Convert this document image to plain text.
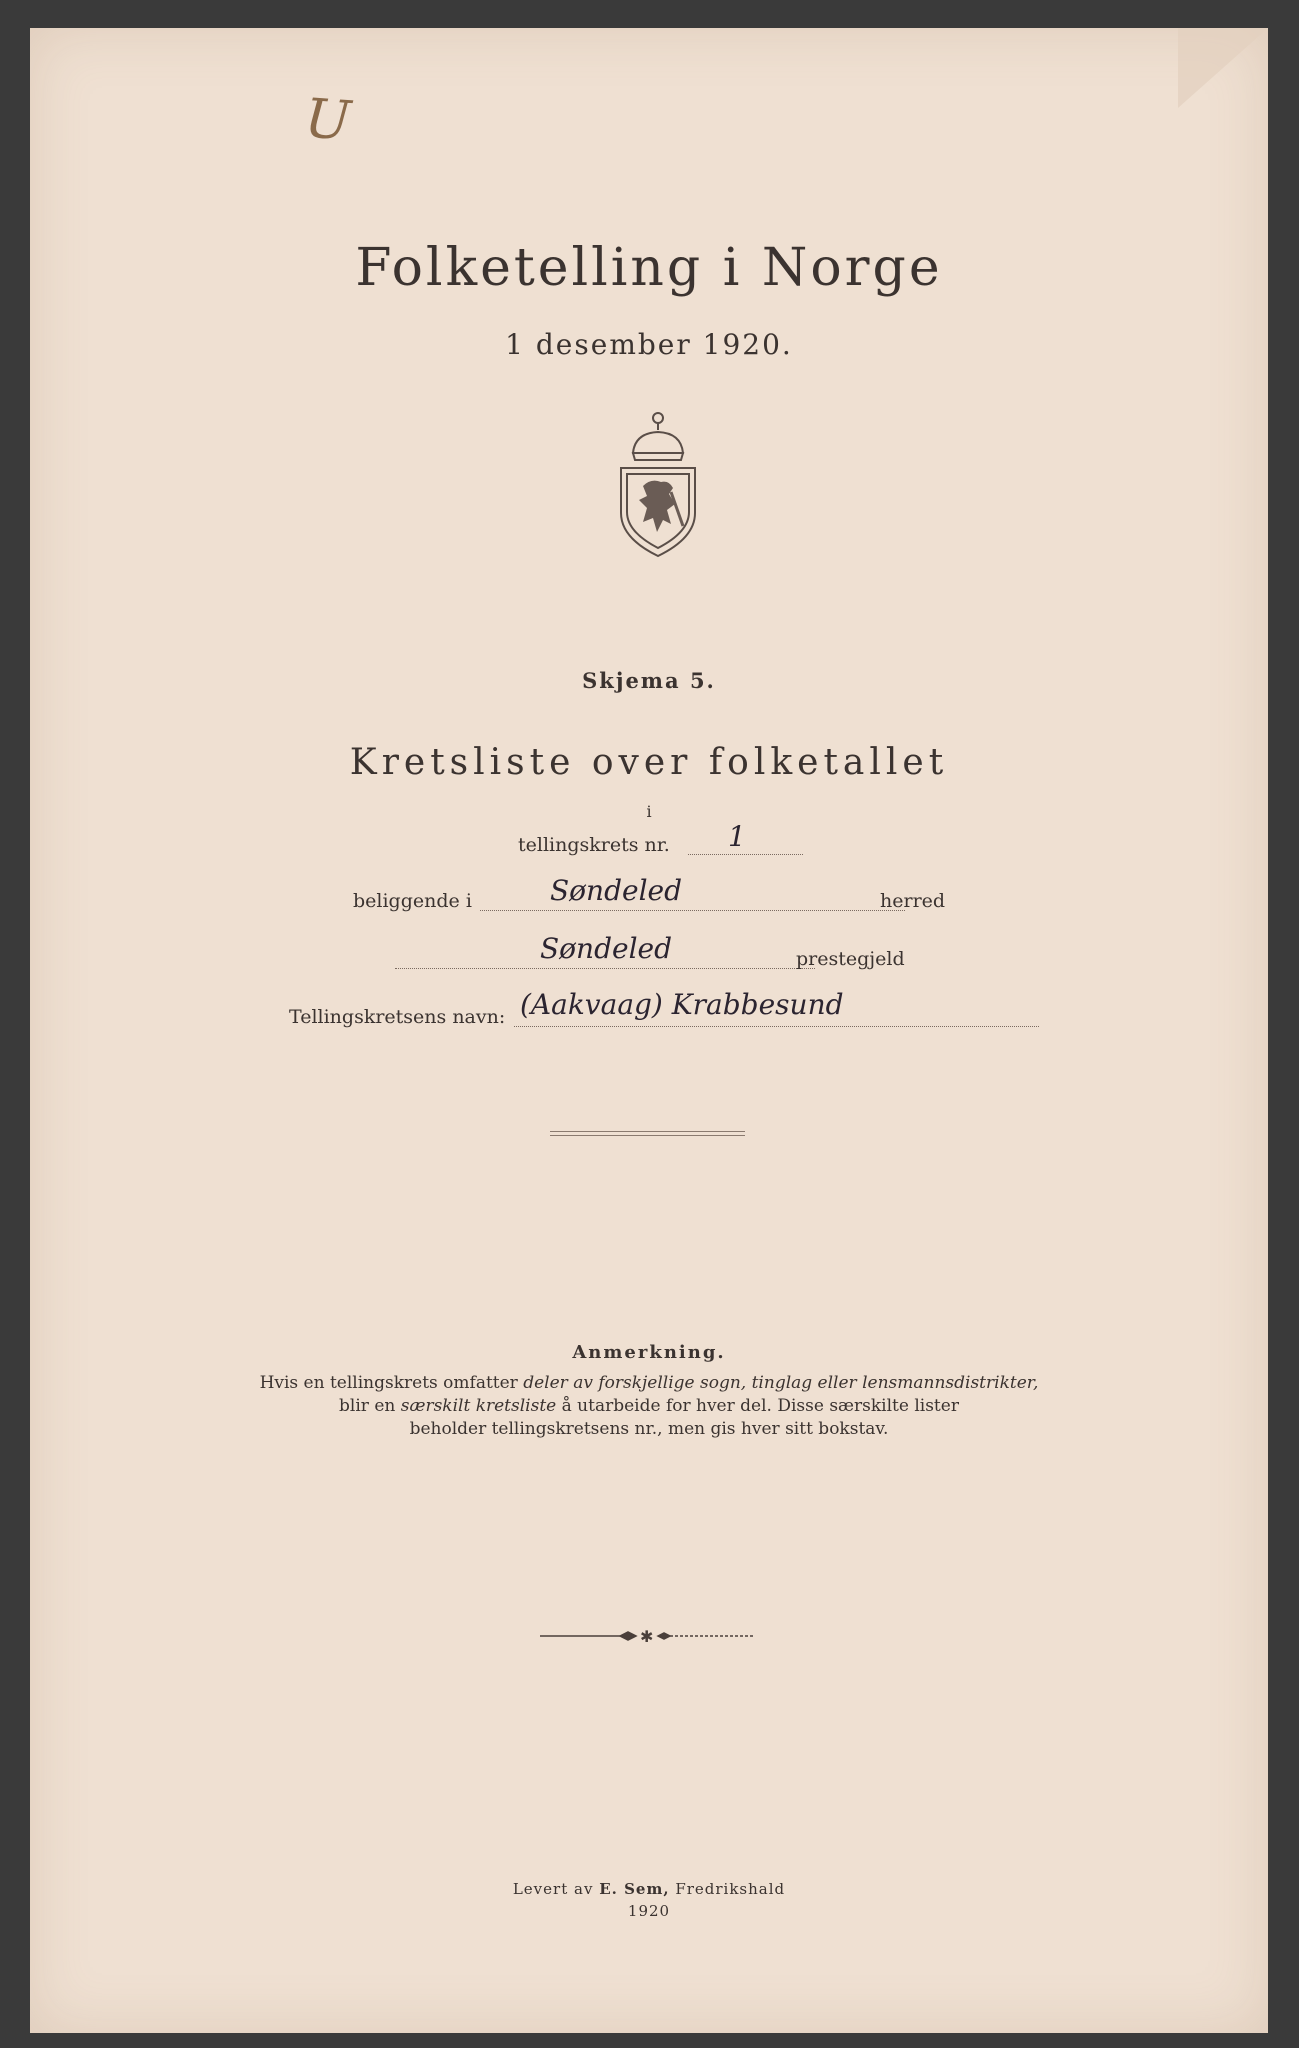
U
Folketelling i Norge
1 desember 1920.
Skjema 5.
Kretsliste over folketallet
i
tellingskrets nr. 1
beliggende i	Søndeled	herred
Søndeled	prestegjeld
Tellingskretsens navn: (Aakvaag) Krabbesund
Anmerkning.
Hvis en tellingskrets omfatter deler av forskjellige sogn, tinglag eller lensmannsdistrikter,
blir en særskilt kretsliste å utarbeide for hver del. Disse særskilte lister
beholder tellingskretsens nr., men gis hver sitt bokstav.
✱
Levert av E. Sem, Fredrikshald
1920
